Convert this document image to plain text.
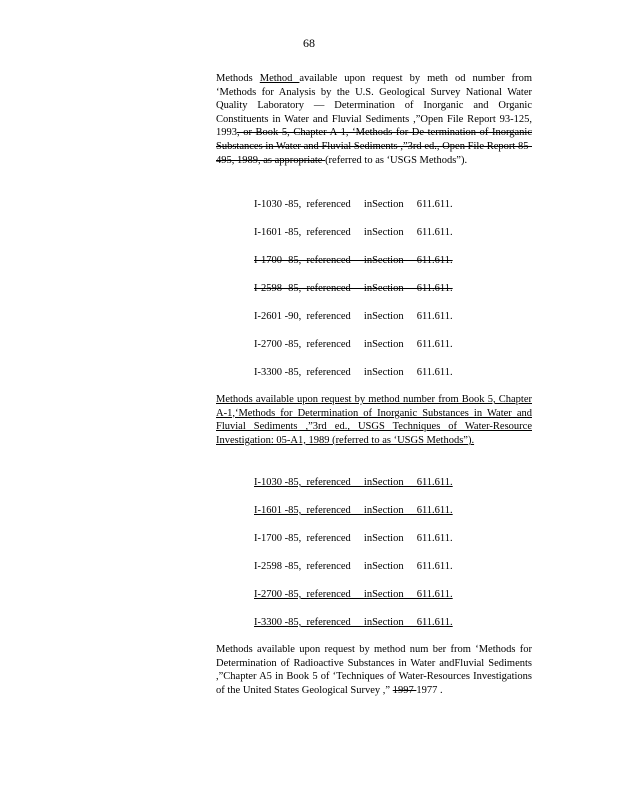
68
Methods Method available upon request by meth od number from ‘Methods for Analysis by the U.S. Geological Survey National Water Quality Laboratory — Determination of Inorganic and Organic Constituents in Water and Fluvial Sediments ,”Open File Report 93-125, 1993, or Book 5, Chapter A-1, ‘Methods for De termination of Inorganic Substances in Water and Fluvial Sediments ,”3rd ed., Open File Report 85-495, 1989, as appropriate (referred to as ‘USGS Methods”).
I-1030 -85,  referenced     inSection     611.611.
I-1601 -85,  referenced     inSection     611.611.
I-1700 -85,  referenced     inSection     611.611.
I-2598 -85,  referenced     inSection     611.611.
I-2601 -90,  referenced     inSection     611.611.
I-2700 -85,  referenced     inSection     611.611.
I-3300 -85,  referenced     inSection     611.611.
Methods available upon request by method number from Book 5, Chapter A-1,‘Methods for Determination of Inorganic Substances in Water and Fluvial Sediments ,”3rd ed., USGS Techniques of Water-Resource Investigation: 05-A1, 1989 (referred to as ‘USGS Methods”).
I-1030 -85,  referenced     inSection     611.611.
I-1601 -85,  referenced     inSection     611.611.
I-1700 -85,  referenced     inSection     611.611.
I-2598 -85,  referenced     inSection     611.611.
I-2700 -85,  referenced     inSection     611.611.
I-3300 -85,  referenced     inSection     611.611.
Methods available upon request by method num ber from ‘Methods for Determination of Radioactive Substances in Water andFluvial Sediments ,”Chapter A5 in Book 5 of ‘Techniques of Water-Resources Investigations of the United States Geological Survey ,” 1997 1977 .
